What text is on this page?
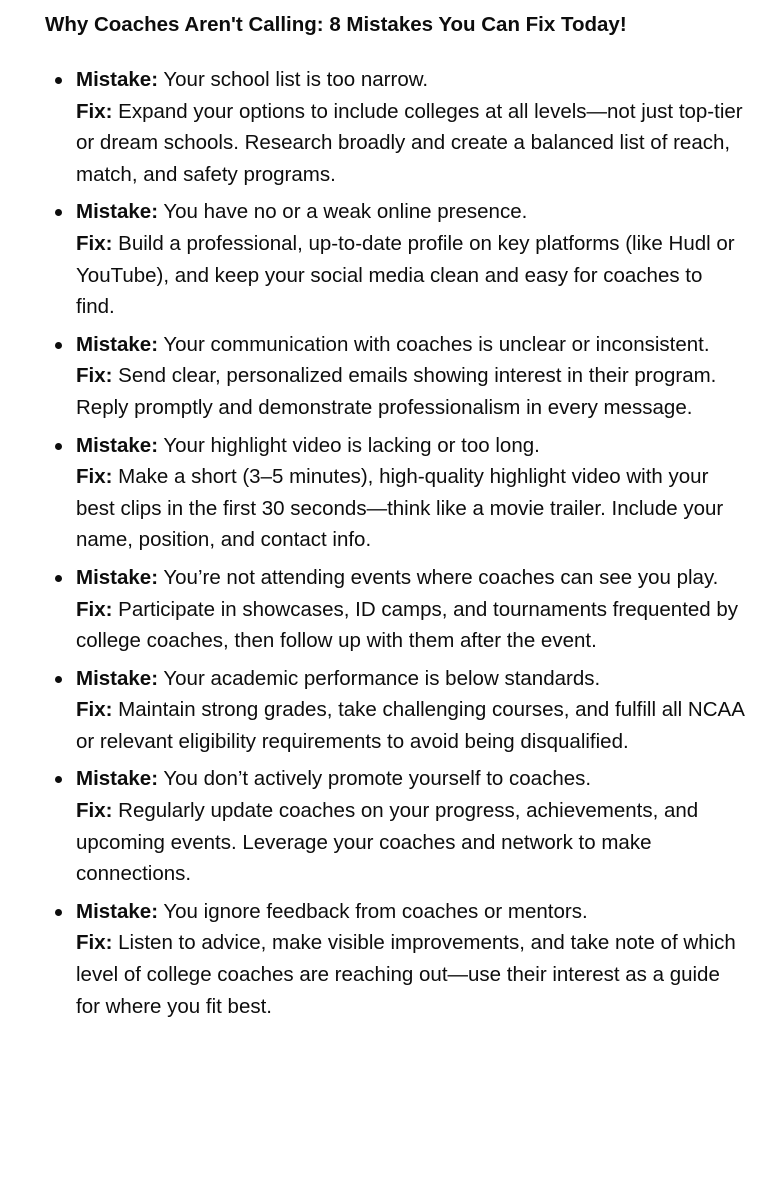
Why Coaches Aren't Calling: 8 Mistakes You Can Fix Today!
Mistake: Your school list is too narrow.
Fix: Expand your options to include colleges at all levels—not just top-tier or dream schools. Research broadly and create a balanced list of reach, match, and safety programs.
Mistake: You have no or a weak online presence.
Fix: Build a professional, up-to-date profile on key platforms (like Hudl or YouTube), and keep your social media clean and easy for coaches to find.
Mistake: Your communication with coaches is unclear or inconsistent.
Fix: Send clear, personalized emails showing interest in their program. Reply promptly and demonstrate professionalism in every message.
Mistake: Your highlight video is lacking or too long.
Fix: Make a short (3–5 minutes), high-quality highlight video with your best clips in the first 30 seconds—think like a movie trailer. Include your name, position, and contact info.
Mistake: You’re not attending events where coaches can see you play.
Fix: Participate in showcases, ID camps, and tournaments frequented by college coaches, then follow up with them after the event.
Mistake: Your academic performance is below standards.
Fix: Maintain strong grades, take challenging courses, and fulfill all NCAA or relevant eligibility requirements to avoid being disqualified.
Mistake: You don’t actively promote yourself to coaches.
Fix: Regularly update coaches on your progress, achievements, and upcoming events. Leverage your coaches and network to make connections.
Mistake: You ignore feedback from coaches or mentors.
Fix: Listen to advice, make visible improvements, and take note of which level of college coaches are reaching out—use their interest as a guide for where you fit best.
